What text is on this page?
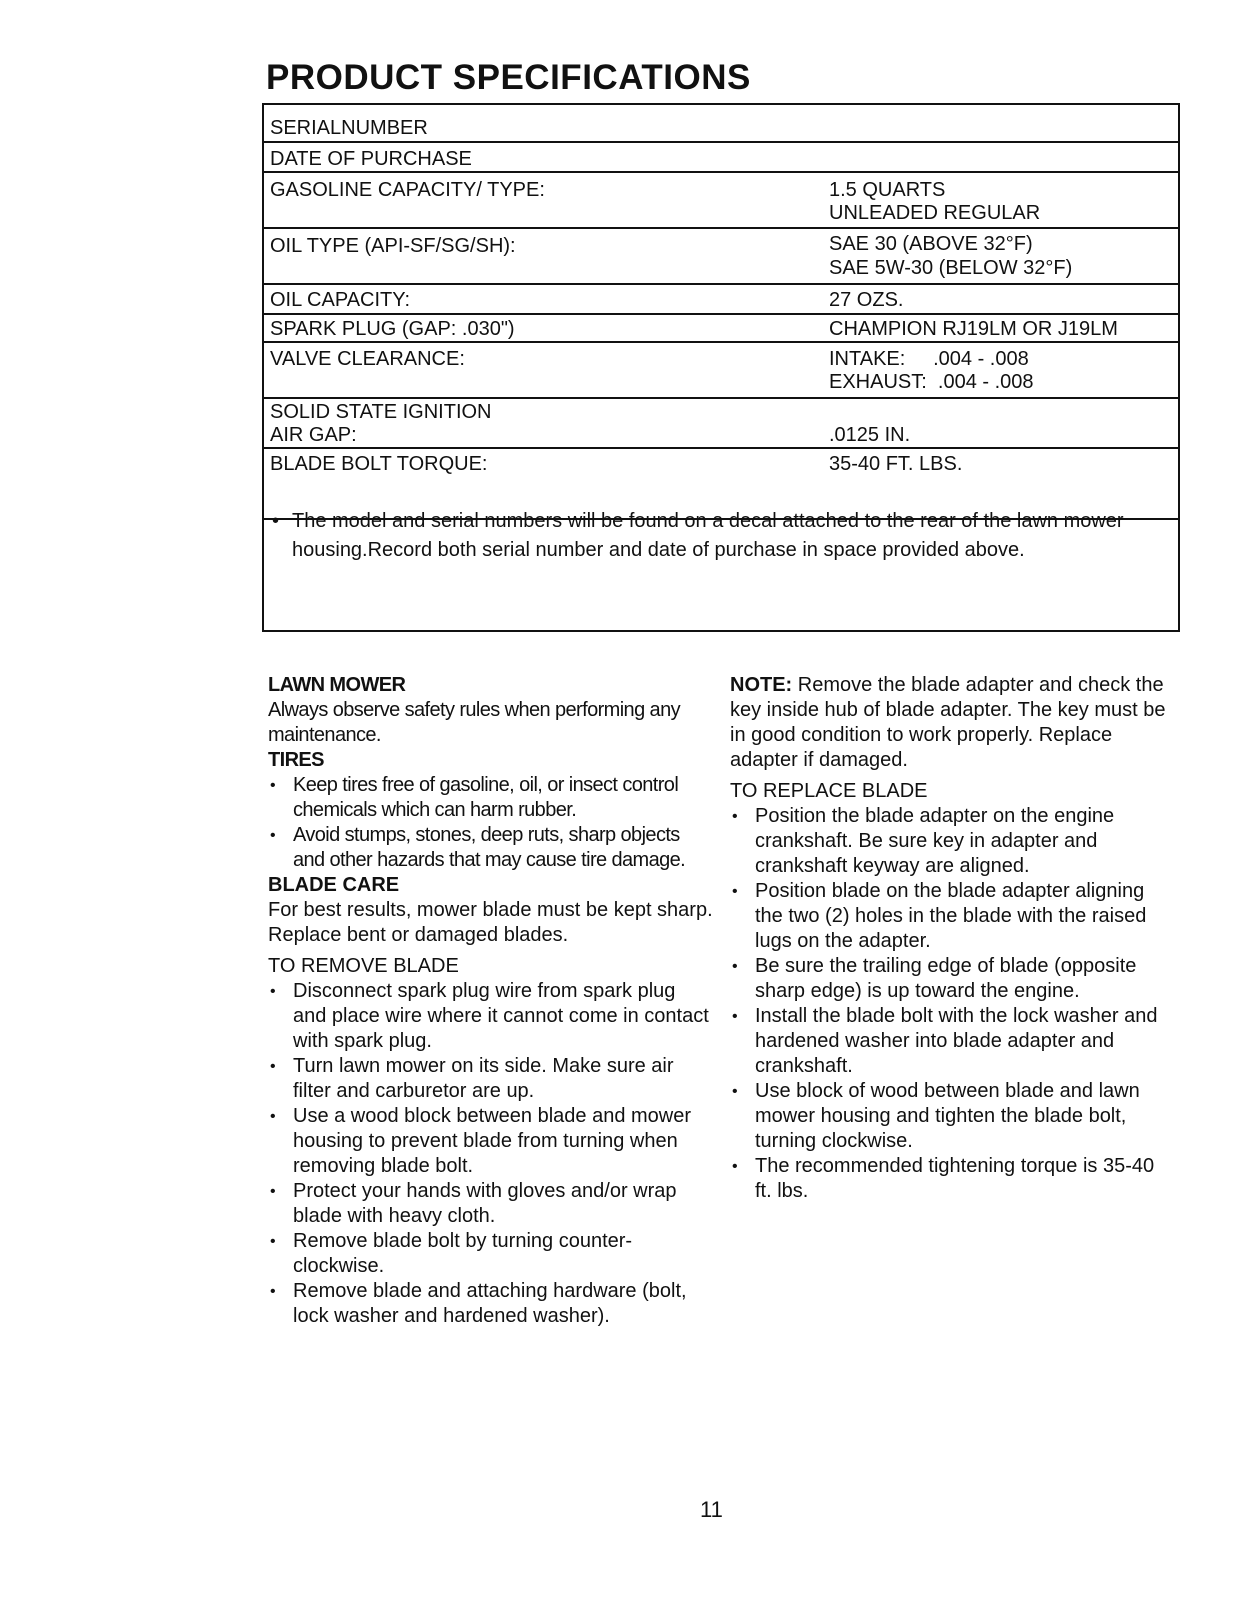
PRODUCT SPECIFICATIONS
SERIALNUMBER
DATE OF PURCHASE
GASOLINE CAPACITY/ TYPE:	1.5 QUARTS
UNLEADED REGULAR
OIL TYPE (API-SF/SG/SH):	SAE 30 (ABOVE 32°F)
SAE 5W-30 (BELOW 32°F)
OIL CAPACITY:	27 OZS.
SPARK PLUG (GAP: .030")	CHAMPION RJ19LM OR J19LM
VALVE CLEARANCE:	INTAKE:     .004 - .008
EXHAUST:  .004 - .008
SOLID STATE IGNITION
AIR GAP:	.0125 IN.
BLADE BOLT TORQUE:	35-40 FT. LBS.
• The model and serial numbers will be found on a decal attached to the rear of the lawn mower housing.Record both serial number and date of purchase in space provided above.
LAWN MOWER

Always observe safety rules when performing any maintenance.

TIRES
• Keep tires free of gasoline, oil, or insect control chemicals which can harm rubber.
• Avoid stumps, stones, deep ruts, sharp objects and other hazards that may cause tire damage.
BLADE CARE

For best results, mower blade must be kept sharp. Replace bent or damaged blades.

TO REMOVE BLADE
• Disconnect spark plug wire from spark plug and place wire where it cannot come in contact with spark plug.
• Turn lawn mower on its side. Make sure air filter and carburetor are up.
• Use a wood block between blade and mower housing to prevent blade from turning when removing blade bolt.
• Protect your hands with gloves and/or wrap blade with heavy cloth.
• Remove blade bolt by turning counter-clockwise.
• Remove blade and attaching hardware (bolt, lock washer and hardened washer).

NOTE: Remove the blade adapter and check the key inside hub of blade adapter. The key must be in good condition to work properly. Replace adapter if damaged.

TO REPLACE BLADE
• Position the blade adapter on the engine crankshaft. Be sure key in adapter and crankshaft keyway are aligned.
• Position blade on the blade adapter aligning the two (2) holes in the blade with the raised lugs on the adapter.
• Be sure the trailing edge of blade (opposite sharp edge) is up toward the engine.
• Install the blade bolt with the lock washer and hardened washer into blade adapter and crankshaft.
• Use block of wood between blade and lawn mower housing and tighten the blade bolt, turning clockwise.
• The recommended tightening torque is 35-40 ft. lbs.
11
